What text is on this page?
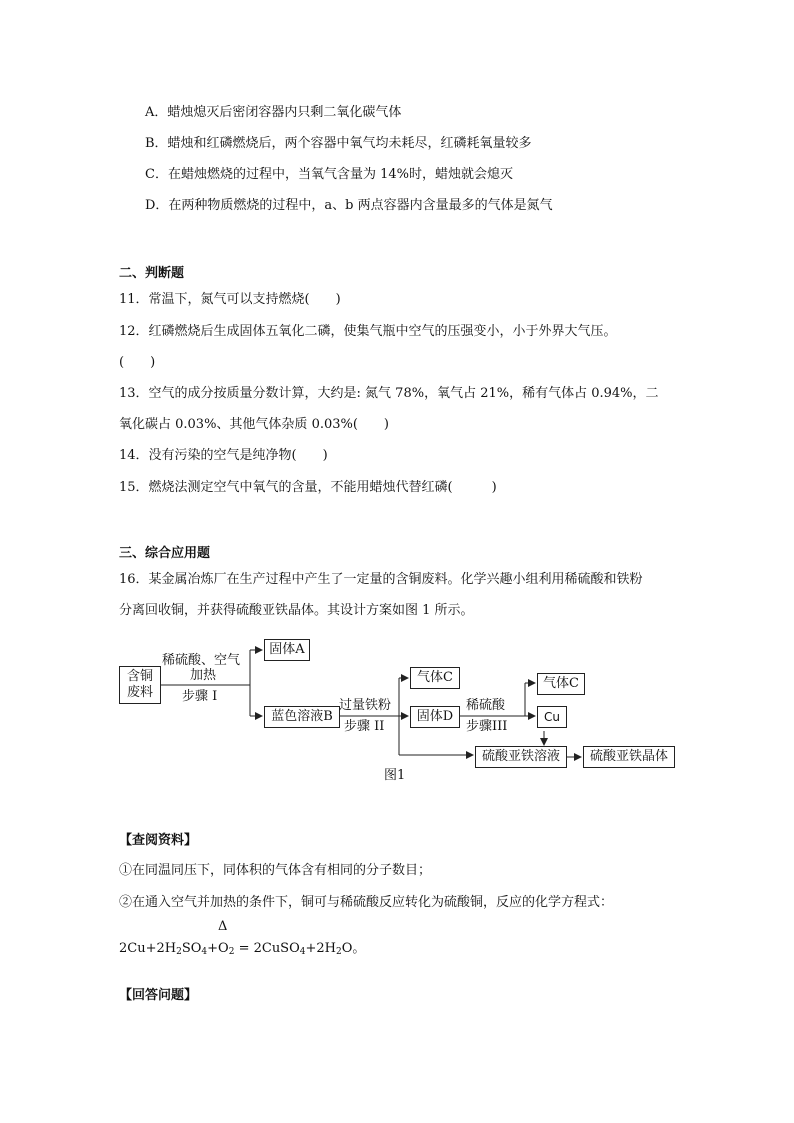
A．蜡烛熄灭后密闭容器内只剩二氧化碳气体
B．蜡烛和红磷燃烧后，两个容器中氧气均未耗尽，红磷耗氧量较多
C．在蜡烛燃烧的过程中，当氧气含量为 14%时，蜡烛就会熄灭
D．在两种物质燃烧的过程中，a、b 两点容器内含量最多的气体是氮气
二、判断题
11．常温下，氮气可以支持燃烧(　　)
12．红磷燃烧后生成固体五氧化二磷，使集气瓶中空气的压强变小，小于外界大气压。
(　　)
13．空气的成分按质量分数计算，大约是: 氮气 78%，氧气占 21%，稀有气体占 0.94%，二
氧化碳占 0.03%、其他气体杂质 0.03%(　　)
14．没有污染的空气是纯净物(　　)
15．燃烧法测定空气中氧气的含量，不能用蜡烛代替红磷(　　　)
三、综合应用题
16．某金属冶炼厂在生产过程中产生了一定量的含铜废料。化学兴趣小组利用稀硫酸和铁粉
分离回收铜，并获得硫酸亚铁晶体。其设计方案如图 1 所示。
含铜
废料
稀硫酸、空气
加热
步骤 I
固体A
蓝色溶液B
过量铁粉
步骤 II
气体C
固体D
稀硫酸
步骤III
气体C
Cu
硫酸亚铁溶液	硫酸亚铁晶体
图1
【查阅资料】
①在同温同压下，同体积的气体含有相同的分子数目；
②在通入空气并加热的条件下，铜可与稀硫酸反应转化为硫酸铜，反应的化学方程式：
Δ
$2Cu+2H_2SO_4+O_2$ = $2CuSO_4+2H_2O$。
【回答问题】
